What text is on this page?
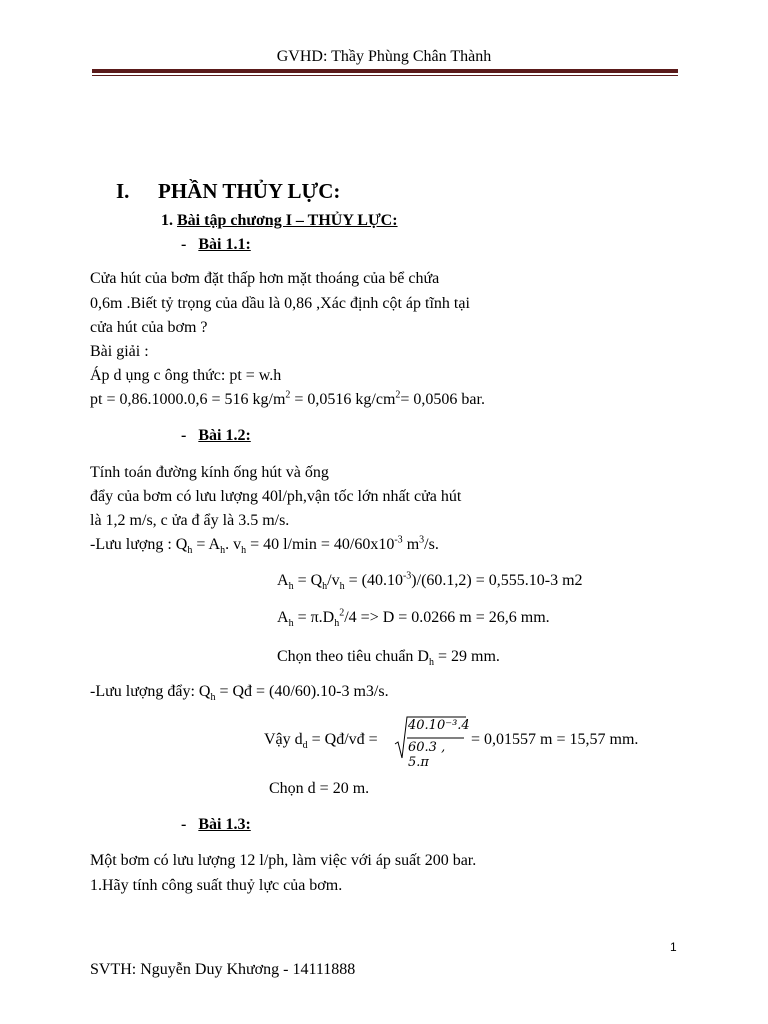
GVHD: Thầy Phùng Chân Thành
I. PHẦN THỦY LỰC:
1. Bài tập chương I – THỦY LỰC:
- Bài 1.1:
Cửa hút của bơm đặt thấp hơn mặt thoáng của bể chứa
0,6m .Biết tỷ trọng của dầu là 0,86 ,Xác định cột áp tĩnh tại
cửa hút của bơm ?
Bài giải :
Áp d ụng c ông thức: pt = w.h
pt = 0,86.1000.0,6 = 516 $kg/m^2 = 0,0516$ $kg/cm^2= 0,0506$ bar.
- Bài 1.2:
Tính toán đường kính ống hút và ống
đẩy của bơm có lưu lượng 40l/ph,vận tốc lớn nhất cửa hút
là 1,2 m/s, c ửa đ ẩy là 3.5 m/s.
-Lưu lượng : $Q_h = A_h$. $v_h = 40$ $l/\min = 40/60x10^{-3}$ $m^3/s$.
$A_h = Q_h/v_h = (40.10^{-3})/(60.1,2) = 0,555.10-3$ m2
$A_h = \pi.D_h^2/4 => D = 0.0266$ m = 26,6 mm.
Chọn theo tiêu chuẩn $D_h = 29$ mm.
-Lưu lượng đẩy: $Q_h$ = Qđ = (40/60).10-3 m3/s.
Vậy $d_d$ = Qđ/vđ =
40.10⁻³.4
60.3 , 5.π
= 0,01557 m = 15,57 mm.
Chọn d = 20 m.
- Bài 1.3:
Một bơm có lưu lượng 12 l/ph, làm việc với áp suất 200 bar.
1.Hãy tính công suất thuỷ lực của bơm.
1
SVTH: Nguyễn Duy Khương - 14111888
